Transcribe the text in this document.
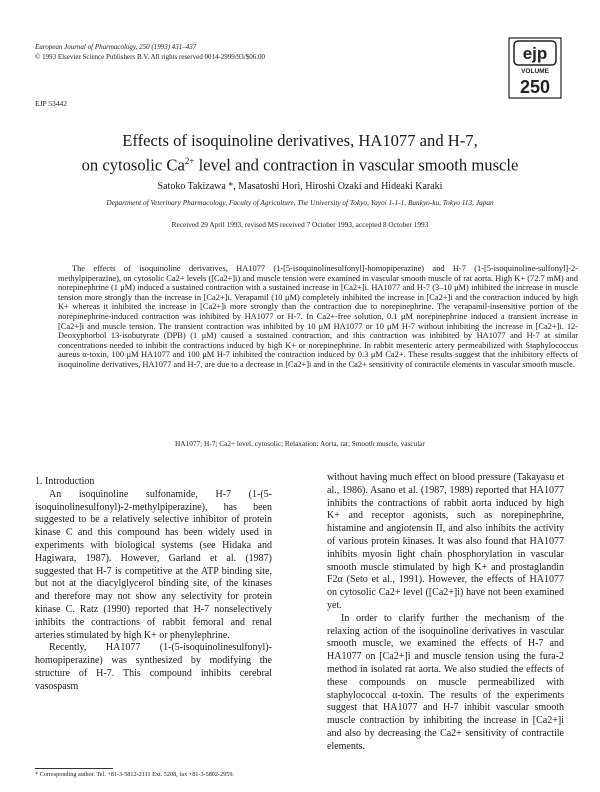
European Journal of Pharmacology, 250 (1993) 431–437
© 1993 Elsevier Science Publishers B.V. All rights reserved 0014-2999/93/$06.00	ejp
VOLUME
250
EJP 53442
Effects of isoquinoline derivatives, HA1077 and H-7,
on cytosolic $Ca^{2+}$ level and contraction in vascular smooth muscle
Satoko Takizawa *, Masatoshi Hori, Hiroshi Ozaki and Hideaki Karaki
Department of Veterinary Pharmacology, Faculty of Agriculture, The University of Tokyo, Yayoi 1-1-1, Bunkyo-ku, Tokyo 113, Japan
Received 29 April 1993, revised MS received 7 October 1993, accepted 8 October 1993

The effects of isoquinoline derivatives, HA1077 (1-[5-isoquinolinesulfonyl]-homopiperazine) and H-7 (1-[5-isoquinoline-sulfonyl]-2-methylpiperazine), on cytosolic Ca2+ levels ([Ca2+]i) and muscle tension were examined in vascular smooth muscle of rat aorta. High K+ (72.7 mM) and norepinephrine (1 μM) induced a sustained contraction with a sustained increase in [Ca2+]i. HA1077 and H-7 (3–10 μM) inhibited the increase in muscle tension more strongly than the increase in [Ca2+]i. Verapamil (10 μM) completely inhibited the increase in [Ca2+]i and the contraction induced by high K+ whereas it inhibited the increase in [Ca2+]i more strongly than the contraction due to norepinephrine. The verapamil-insensitive portion of the norepinephrine-induced contraction was inhibited by HA1077 or H-7. In Ca2+-free solution, 0.1 μM norepinephrine induced a transient increase in [Ca2+]i and muscle tension. The transient contraction was inhibited by 10 μM HA1077 or 10 μM H-7 without inhibiting the increase in [Ca2+]i. 12-Deoxyphorbol 13-isobutyrate (DPB) (1 μM) caused a sustained contraction, and this contraction was inhibited by HA1077 and H-7 at similar concentrations needed to inhibit the contractions induced by high K+ or norepinephrine. In rabbit mesenteric artery permeabilized with Staphylococcus aureus α-toxin, 100 μM HA1077 and 100 μM H-7 inhibited the contraction induced by 0.3 μM Ca2+. These results suggest that the inhibitory effects of isoquinoline derivatives, HA1077 and H-7, are due to a decrease in [Ca2+]i and in the Ca2+ sensitivity of contractile elements in vascular smooth muscle.

HA1077; H-7; Ca2+ level, cytosolic; Relaxation; Aorta, rat; Smooth muscle, vascular

1. Introduction

An isoquinoline sulfonamide, H-7 (1-(5-isoquinolinesulfonyl)-2-methylpiperazine), has been suggested to be a relatively selective inhibitor of protein kinase C and this compound has been widely used in experiments with biological systems (see Hidaka and Hagiwara, 1987). However, Garland et al. (1987) suggested that H-7 is competitive at the ATP binding site, but not at the diacylglycerol binding site, of the kinases and therefore may not show any selectivity for protein kinase C. Ratz (1990) reported that H-7 nonselectively inhibits the contractions of rabbit femoral and renal arteries stimulated by high K+ or phenylephrine.

Recently, HA1077 (1-(5-isoquinolinesulfonyl)-homopiperazine) was synthesized by modifying the structure of H-7. This compound inhibits cerebral vasospasm

without having much effect on blood pressure (Takayasu et al., 1986). Asano et al. (1987, 1989) reported that HA1077 inhibits the contractions of rabbit aorta induced by high K+ and receptor agonists, such as norepinephrine, histamine and angiotensin II, and also inhibits the activity of various protein kinases. It was also found that HA1077 inhibits myosin light chain phosphorylation in vascular smooth muscle stimulated by high K+ and prostaglandin F2α (Seto et al., 1991). However, the effects of HA1077 on cytosolic Ca2+ level ([Ca2+]i) have not been examined yet.

In order to clarify further the mechanism of the relaxing action of the isoquinoline derivatives in vascular smooth muscle, we examined the effects of H-7 and HA1077 on [Ca2+]i and muscle tension using the fura-2 method in isolated rat aorta. We also studied the effects of these compounds on muscle permeabilized with staphylococcal α-toxin. The results of the experiments suggest that HA1077 and H-7 inhibit vascular smooth muscle contraction by inhibiting the increase in [Ca2+]i and also by decreasing the Ca2+ sensitivity of contractile elements.

* Corresponding author. Tel. +81-3-5812-2111 Ext. 5208, fax +81-3-5802-2959.
